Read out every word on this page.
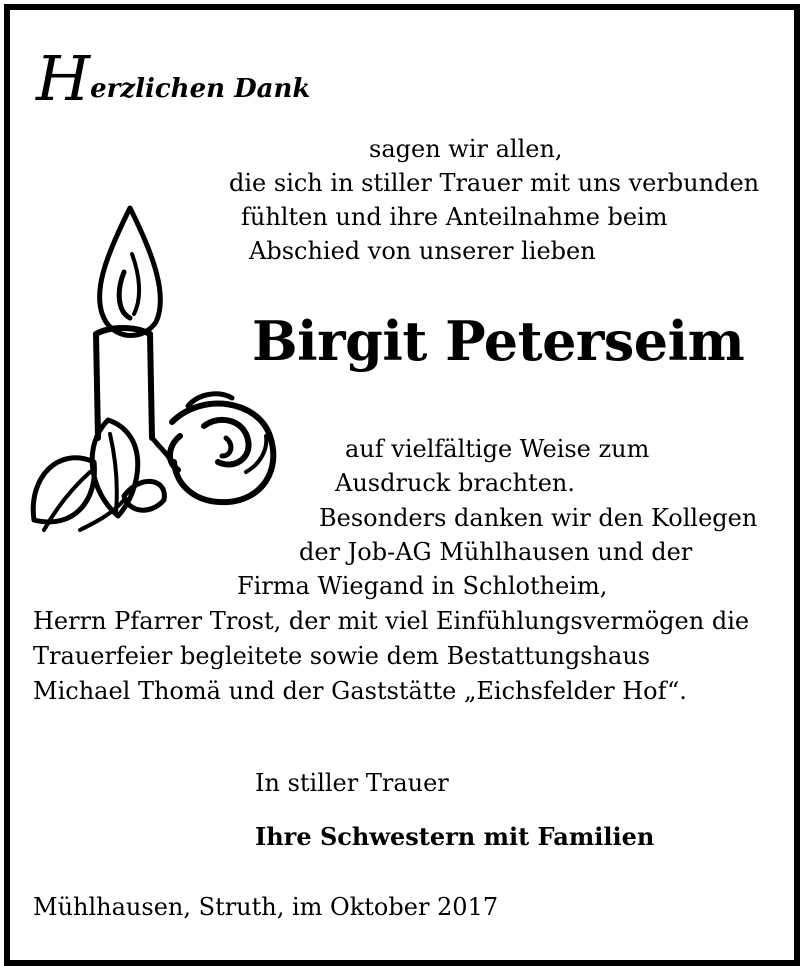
H erzlichen Dank
sagen wir allen,
die sich in stiller Trauer mit uns verbunden
fühlten und ihre Anteilnahme beim
Abschied von unserer lieben
Birgit Peterseim
auf vielfältige Weise zum
Ausdruck brachten.
Besonders danken wir den Kollegen
der Job-AG Mühlhausen und der
Firma Wiegand in Schlotheim,
Herrn Pfarrer Trost, der mit viel Einfühlungsvermögen die
Trauerfeier begleitete sowie dem Bestattungshaus
Michael Thomä und der Gaststätte „Eichsfelder Hof“.
In stiller Trauer
Ihre Schwestern mit Familien
Mühlhausen, Struth, im Oktober 2017
